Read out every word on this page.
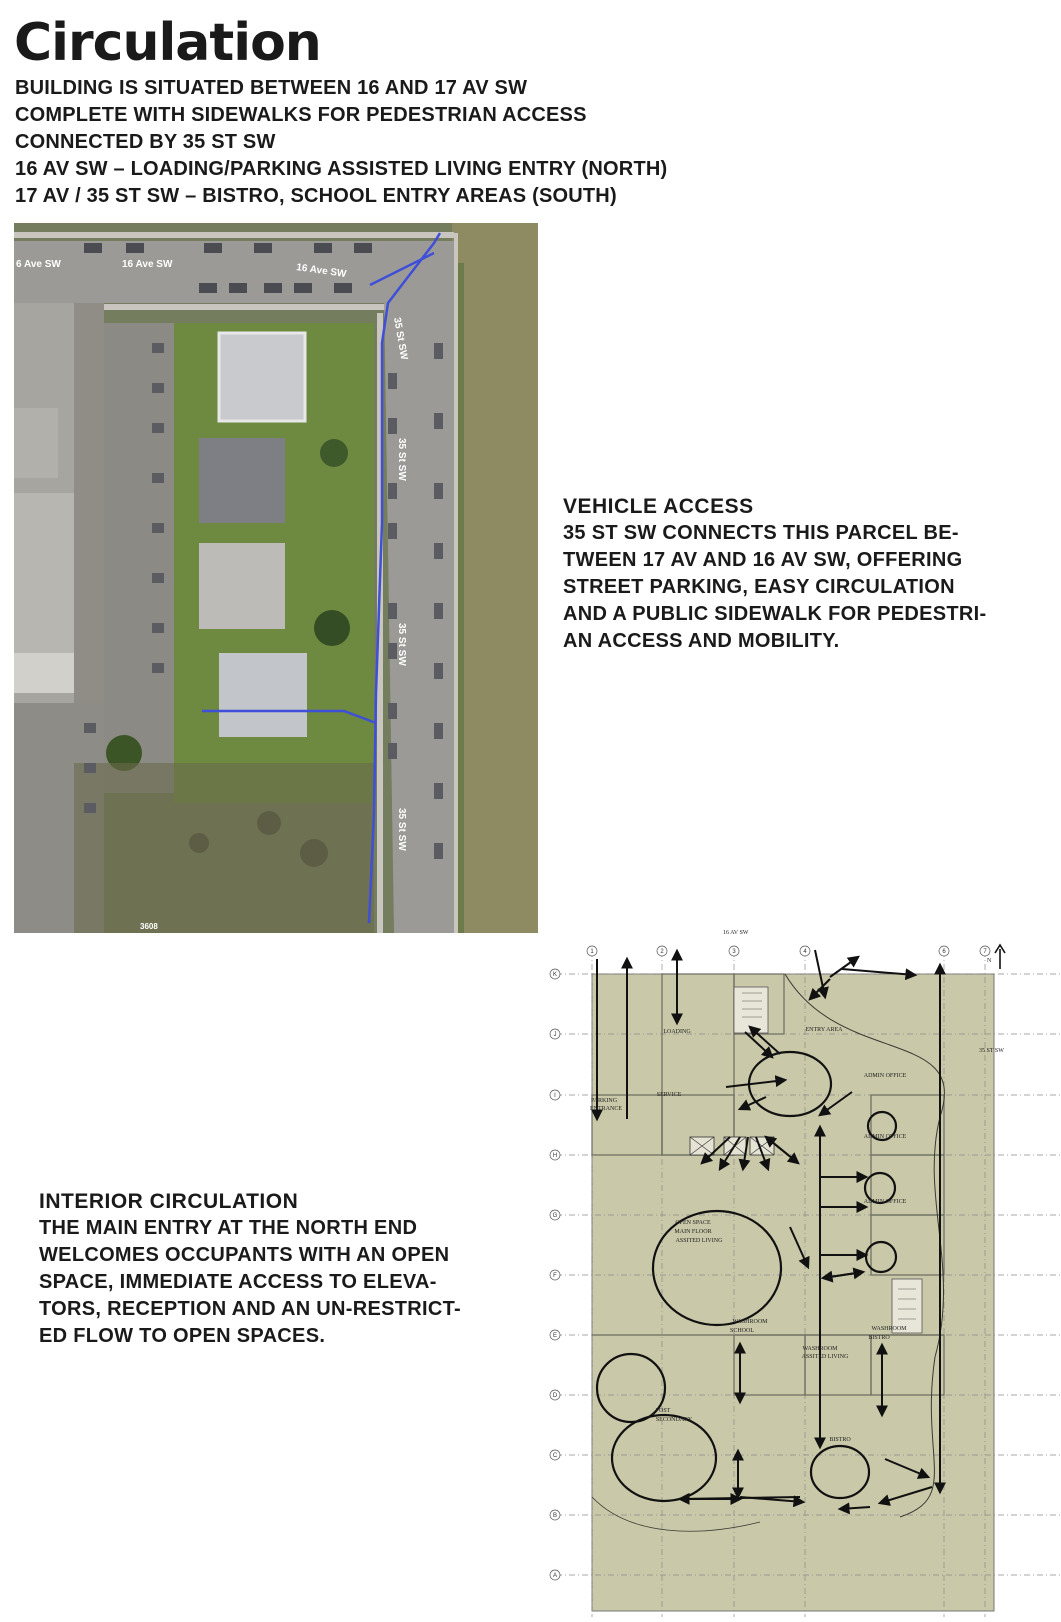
Circulation
BUILDING IS SITUATED BETWEEN 16 AND 17 AV SW
COMPLETE WITH SIDEWALKS FOR PEDESTRIAN ACCESS
CONNECTED BY 35 ST SW
16 AV SW – LOADING/PARKING ASSISTED LIVING ENTRY (NORTH)
17 AV / 35 ST SW – BISTRO, SCHOOL ENTRY AREAS (SOUTH)
6 Ave SW	16 Ave SW	16 Ave SW
35 St SW
35 St SW
35 St SW
35 St SW
3608
VEHICLE ACCESS
35 ST SW CONNECTS THIS PARCEL BE-
TWEEN 17 AV AND 16 AV SW, OFFERING
STREET PARKING, EASY CIRCULATION
AND A PUBLIC SIDEWALK FOR PEDESTRI-
AN ACCESS AND MOBILITY.
INTERIOR CIRCULATION
THE MAIN ENTRY AT THE NORTH END
WELCOMES OCCUPANTS WITH AN OPEN
SPACE, IMMEDIATE ACCESS TO ELEVA-
TORS, RECEPTION AND AN UN-RESTRICT-
ED FLOW TO OPEN SPACES.
1	2	3	4	6	7
K
J
I
H
G
F
E
D
C
B
A
LOADING	ENTRY AREA
PARKING
ENTRANCE
SERVICE
ADMIN OFFICE
ADMIN OFFICE
ADMIN OFFICE
OPEN SPACE
MAIN FLOOR
ASSITED LIVING
WASHROOM
SCHOOL
WASHROOM
ASSITED LIVING
WASHROOM
BISTRO
POST
SECONDARY
BISTRO
16 AV SW
35 ST SW
N
